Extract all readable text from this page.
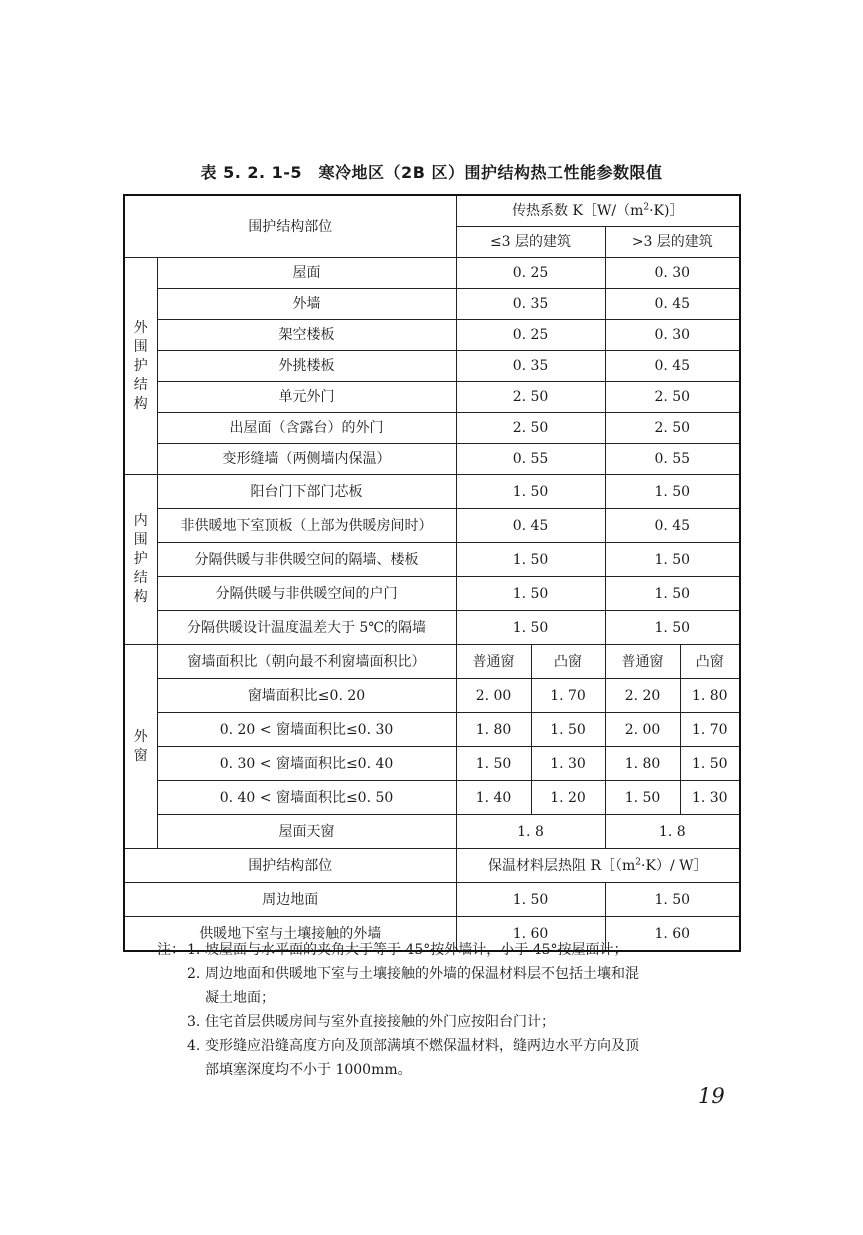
表 5. 2. 1-5　寒冷地区（2B 区）围护结构热工性能参数限值
围护结构部位		传热系数 $K[W/(m^2\cdot K)]$			
		≤3 层的建筑		>3 层的建筑	

外
围
护
结
构	屋面	0. 25		0. 30	
	外墙	0. 35		0. 45	
	架空楼板	0. 25		0. 30	
	外挑楼板	0. 35		0. 45	
	单元外门	2. 50		2. 50	
	出屋面（含露台）的外门	2. 50		2. 50	
	变形缝墙（两侧墙内保温）	0. 55		0. 55	

内
围
护
结
构	阳台门下部门芯板	1. 50		1. 50	
	非供暖地下室顶板（上部为供暖房间时）	0. 45		0. 45	
	分隔供暖与非供暖空间的隔墙、楼板	1. 50		1. 50	
	分隔供暖与非供暖空间的户门	1. 50		1. 50	
	分隔供暖设计温度温差大于 5℃的隔墙	1. 50		1. 50	

外
窗	窗墙面积比（朝向最不利窗墙面积比）	普通窗	凸窗	普通窗	凸窗
	窗墙面积比≤0. 20	2. 00	1. 70	2. 20	1. 80
	0. 20 < 窗墙面积比≤0. 30	1. 80	1. 50	2. 00	1. 70
	0. 30 < 窗墙面积比≤0. 40	1. 50	1. 30	1. 80	1. 50
	0. 40 < 窗墙面积比≤0. 50	1. 40	1. 20	1. 50	1. 30
	屋面天窗	1. 8		1. 8	
围护结构部位		保温材料层热阻 $R[(m^2\cdot K)/$ W］			
周边地面		1. 50		1. 50	
供暖地下室与土壤接触的外墙		1. 60		1. 60	
注： 1. 坡屋面与水平面的夹角大于等于 45°按外墙计，小于 45°按屋面计；
2. 周边地面和供暖地下室与土壤接触的外墙的保温材料层不包括土壤和混
凝土地面；
3. 住宅首层供暖房间与室外直接接触的外门应按阳台门计；
4. 变形缝应沿缝高度方向及顶部满填不燃保温材料，缝两边水平方向及顶
部填塞深度均不小于 1000mm。
19
